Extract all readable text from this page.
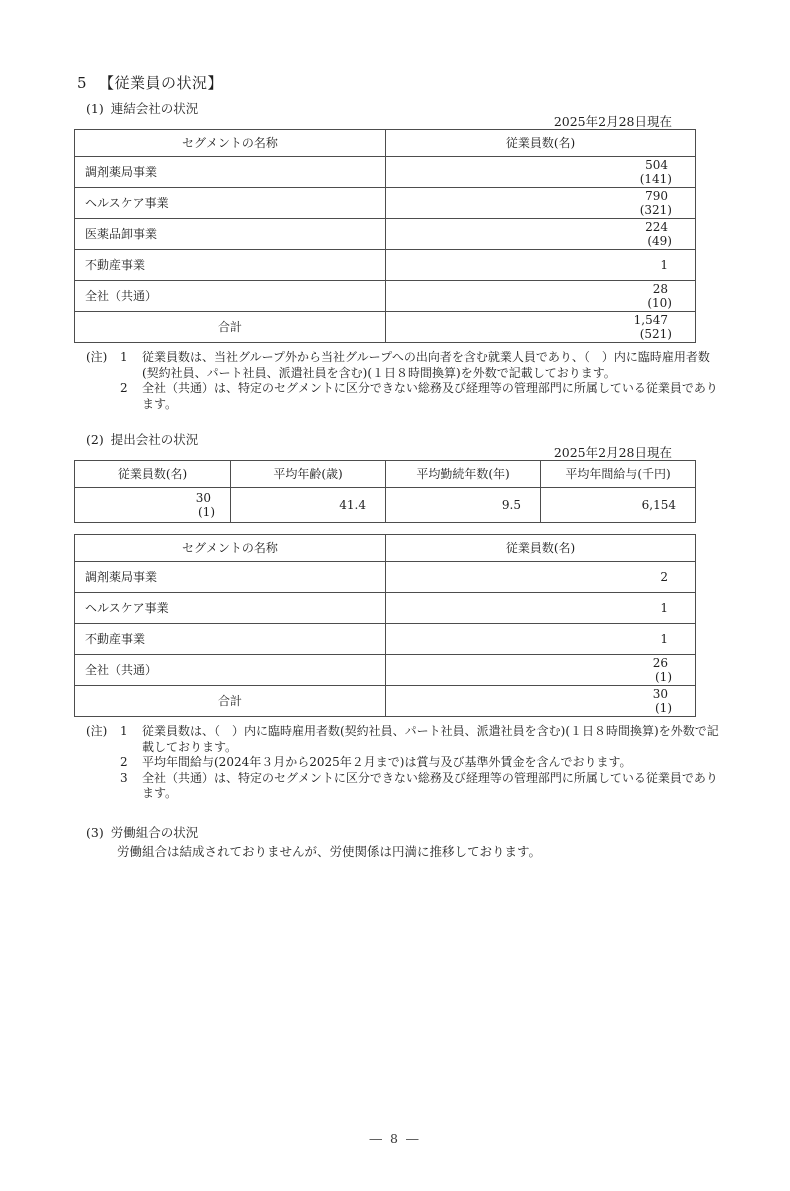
5 【従業員の状況】
(1) 連結会社の状況
2025年2月28日現在
セグメントの名称	従業員数(名)
調剤薬局事業	504
(141)
ヘルスケア事業	790
(321)
医薬品卸事業	224
(49)
不動産事業	1
全社（共通）	28
(10)
合計	1,547
(521)
(注)	1	従業員数は、当社グループ外から当社グループへの出向者を含む就業人員であり、（　）内に臨時雇用者数
(契約社員、パート社員、派遣社員を含む)(１日８時間換算)を外数で記載しております。
2	全社（共通）は、特定のセグメントに区分できない総務及び経理等の管理部門に所属している従業員であり
ます。
(2) 提出会社の状況
2025年2月28日現在
従業員数(名)	平均年齢(歳)	平均勤続年数(年)	平均年間給与(千円)
30
(1)	41.4	9.5	6,154
セグメントの名称	従業員数(名)
調剤薬局事業	2
ヘルスケア事業	1
不動産事業	1
全社（共通）	26
(1)
合計	30
(1)
(注)	1	従業員数は、（　）内に臨時雇用者数(契約社員、パート社員、派遣社員を含む)(１日８時間換算)を外数で記
載しております。
2	平均年間給与(2024年３月から2025年２月まで)は賞与及び基準外賃金を含んでおります。
3	全社（共通）は、特定のセグメントに区分できない総務及び経理等の管理部門に所属している従業員であり
ます。
(3) 労働組合の状況
労働組合は結成されておりませんが、労使関係は円満に推移しております。
― 8 ―
